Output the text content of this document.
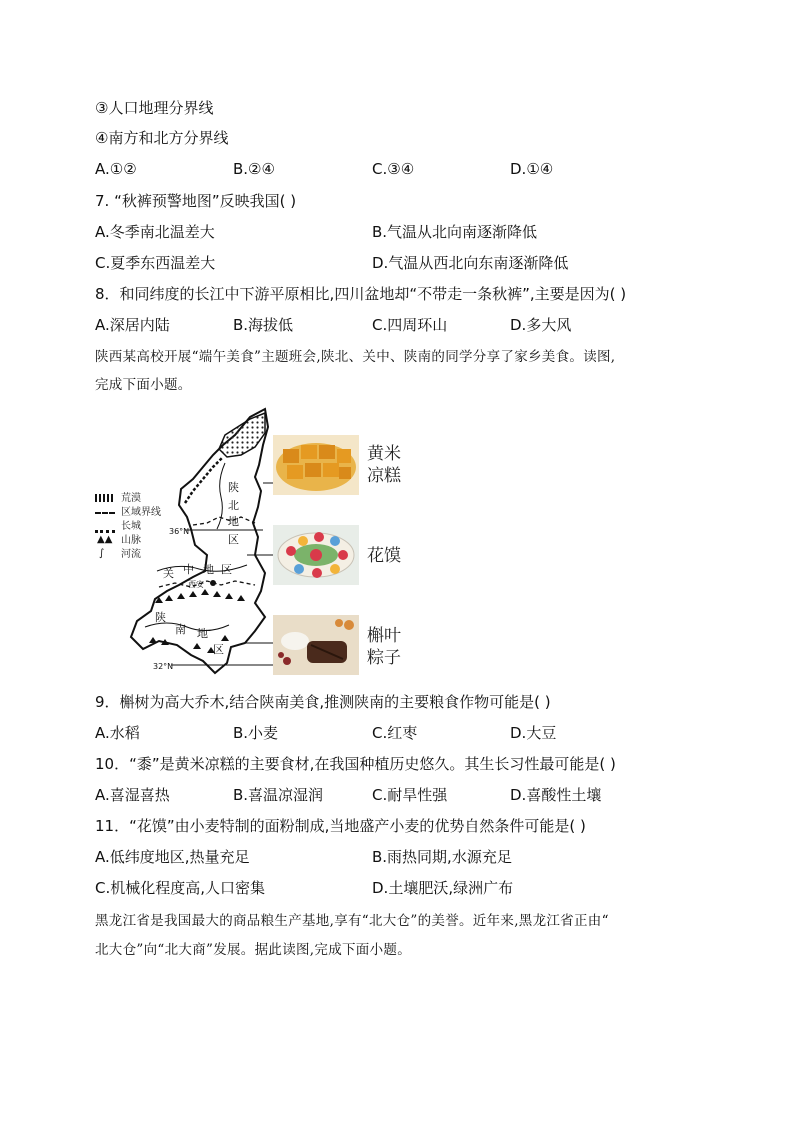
③人口地理分界线
④南方和北方分界线
A.①②	B.②④	C.③④	D.①④
7. “秋裤预警地图”反映我国( )
A.冬季南北温差大	B.气温从北向南逐渐降低
C.夏季东西温差大	D.气温从西北向东南逐渐降低
8．和同纬度的长江中下游平原相比,四川盆地却“不带走一条秋裤”,主要是因为( )
A.深居内陆	B.海拔低	C.四周环山	D.多大风
陕西某高校开展“端午美食”主题班会,陕北、关中、陕南的同学分享了家乡美食。读图,
完成下面小题。
36°N
32°N
陕
北
地
区
关 中 地 区
西安
陕
南 地
区
荒漠
区域界线
长城
▲▲ 山脉
∫ 河流
黄米
凉糕
花馍
槲叶
粽子
9．槲树为高大乔木,结合陕南美食,推测陕南的主要粮食作物可能是( )
A.水稻	B.小麦	C.红枣	D.大豆
10．“黍”是黄米凉糕的主要食材,在我国种植历史悠久。其生长习性最可能是( )
A.喜湿喜热	B.喜温凉湿润	C.耐旱性强	D.喜酸性土壤
11．“花馍”由小麦特制的面粉制成,当地盛产小麦的优势自然条件可能是( )
A.低纬度地区,热量充足	B.雨热同期,水源充足
C.机械化程度高,人口密集	D.土壤肥沃,绿洲广布
黑龙江省是我国最大的商品粮生产基地,享有“北大仓”的美誉。近年来,黑龙江省正由“
北大仓”向“北大商”发展。据此读图,完成下面小题。
